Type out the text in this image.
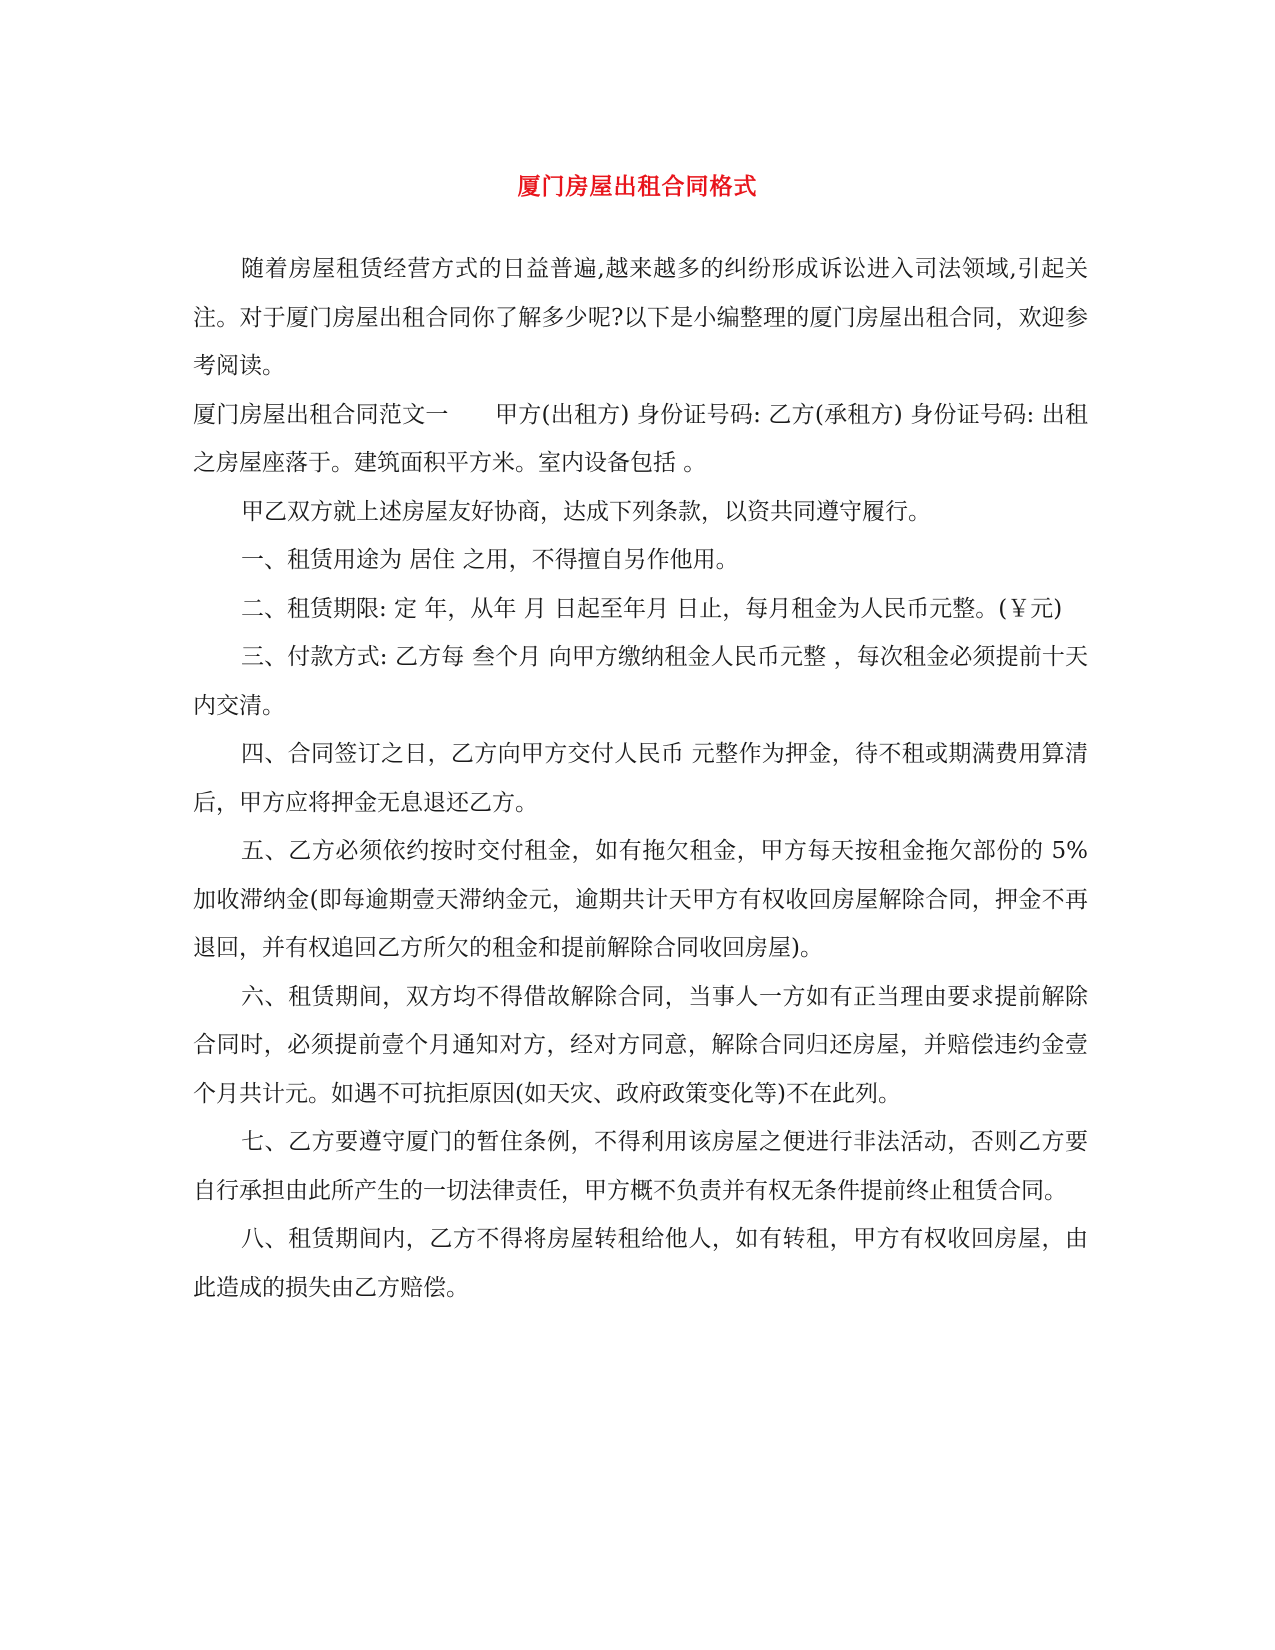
厦门房屋出租合同格式

随着房屋租赁经营方式的日益普遍,越来越多的纠纷形成诉讼进入司法领域,引起关注。对于厦门房屋出租合同你了解多少呢?以下是小编整理的厦门房屋出租合同，欢迎参考阅读。

厦门房屋出租合同范文一　　甲方(出租方) 身份证号码: 乙方(承租方) 身份证号码: 出租之房屋座落于。建筑面积平方米。室内设备包括 。

甲乙双方就上述房屋友好协商，达成下列条款，以资共同遵守履行。

一、租赁用途为 居住 之用，不得擅自另作他用。

二、租赁期限: 定 年，从年 月 日起至年月 日止，每月租金为人民币元整。(￥元)

三、付款方式: 乙方每 叁个月 向甲方缴纳租金人民币元整 ，每次租金必须提前十天内交清。

四、合同签订之日，乙方向甲方交付人民币 元整作为押金，待不租或期满费用算清后，甲方应将押金无息退还乙方。

五、乙方必须依约按时交付租金，如有拖欠租金，甲方每天按租金拖欠部份的 5%加收滞纳金(即每逾期壹天滞纳金元，逾期共计天甲方有权收回房屋解除合同，押金不再退回，并有权追回乙方所欠的租金和提前解除合同收回房屋)。

六、租赁期间，双方均不得借故解除合同，当事人一方如有正当理由要求提前解除合同时，必须提前壹个月通知对方，经对方同意，解除合同归还房屋，并赔偿违约金壹个月共计元。如遇不可抗拒原因(如天灾、政府政策变化等)不在此列。

七、乙方要遵守厦门的暂住条例，不得利用该房屋之便进行非法活动，否则乙方要自行承担由此所产生的一切法律责任，甲方概不负责并有权无条件提前终止租赁合同。

八、租赁期间内，乙方不得将房屋转租给他人，如有转租，甲方有权收回房屋，由此造成的损失由乙方赔偿。
